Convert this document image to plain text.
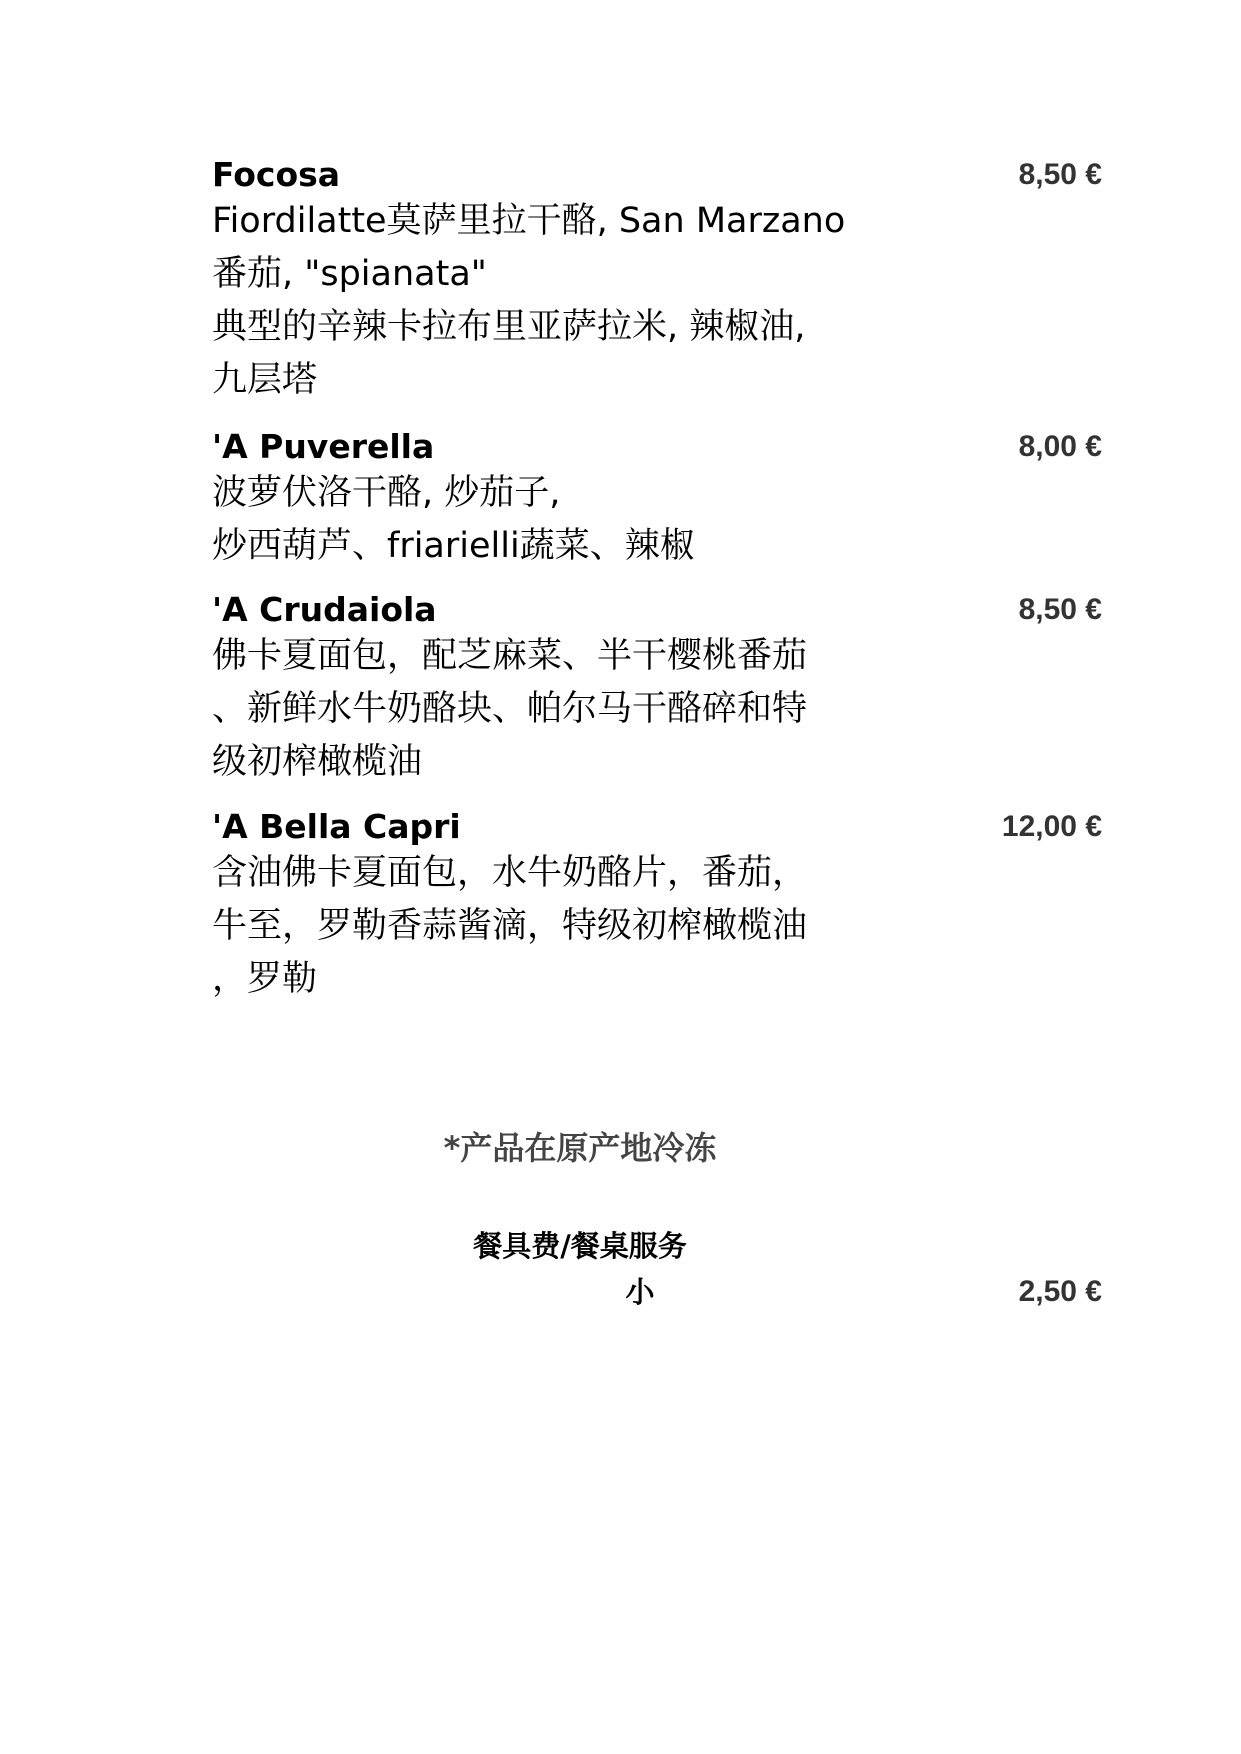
Focosa	8,50 €
Fiordilatte莫萨里拉干酪, San Marzano
番茄, "spianata"
典型的辛辣卡拉布里亚萨拉米, 辣椒油,
九层塔
'A Puverella	8,00 €
波萝伏洛干酪, 炒茄子,
炒西葫芦、friarielli蔬菜、辣椒
'A Crudaiola	8,50 €
佛卡夏面包，配芝麻菜、半干樱桃番茄
、新鲜水牛奶酪块、帕尔马干酪碎和特
级初榨橄榄油
'A Bella Capri	12,00 €
含油佛卡夏面包，水牛奶酪片，番茄，
牛至，罗勒香蒜酱滴，特级初榨橄榄油
，罗勒
*产品在原产地冷冻
餐具费/餐桌服务
小	2,50 €
